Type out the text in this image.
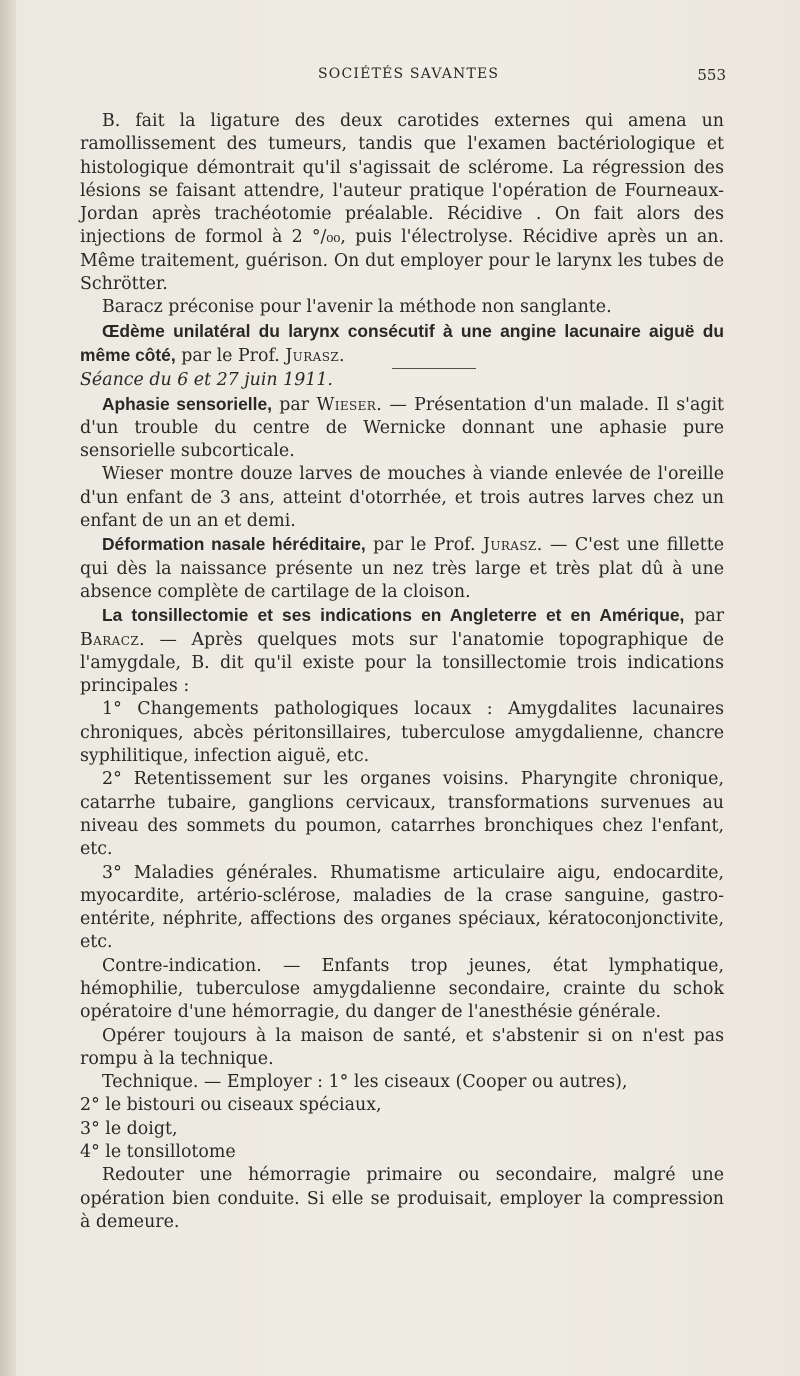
SOCIÉTÉS SAVANTES	553

B. fait la ligature des deux carotides externes qui amena un ramollissement des tumeurs, tandis que l'examen bactériologique et histologique démontrait qu'il s'agissait de sclérome. La régression des lésions se faisant attendre, l'auteur pratique l'opération de Fourneaux-Jordan après trachéotomie préalable. Récidive . On fait alors des injections de formol à 2 °/₀₀, puis l'électrolyse. Récidive après un an. Même traitement, guérison. On dut employer pour le larynx les tubes de Schrötter.

Baracz préconise pour l'avenir la méthode non sanglante.

Œdème unilatéral du larynx consécutif à une angine lacunaire aiguë du même côté, par le Prof. Jurasz.

Séance du 6 et 27 juin 1911.

Aphasie sensorielle, par Wieser. — Présentation d'un malade. Il s'agit d'un trouble du centre de Wernicke donnant une aphasie pure sensorielle subcorticale.

Wieser montre douze larves de mouches à viande enlevée de l'oreille d'un enfant de 3 ans, atteint d'otorrhée, et trois autres larves chez un enfant de un an et demi.

Déformation nasale héréditaire, par le Prof. Jurasz. — C'est une fillette qui dès la naissance présente un nez très large et très plat dû à une absence complète de cartilage de la cloison.

La tonsillectomie et ses indications en Angleterre et en Amérique, par Baracz. — Après quelques mots sur l'anatomie topographique de l'amygdale, B. dit qu'il existe pour la tonsillectomie trois indications principales :

1° Changements pathologiques locaux : Amygdalites lacunaires chroniques, abcès péritonsillaires, tuberculose amygdalienne, chancre syphilitique, infection aiguë, etc.

2° Retentissement sur les organes voisins. Pharyngite chronique, catarrhe tubaire, ganglions cervicaux, transformations survenues au niveau des sommets du poumon, catarrhes bronchiques chez l'enfant, etc.

3° Maladies générales. Rhumatisme articulaire aigu, endocardite, myocardite, artério-sclérose, maladies de la crase sanguine, gastro-entérite, néphrite, affections des organes spéciaux, kératoconjonctivite, etc.

Contre-indication. — Enfants trop jeunes, état lymphatique, hémophilie, tuberculose amygdalienne secondaire, crainte du schok opératoire d'une hémorragie, du danger de l'anesthésie générale.

Opérer toujours à la maison de santé, et s'abstenir si on n'est pas rompu à la technique.

Technique. — Employer : 1° les ciseaux (Cooper ou autres),

2° le bistouri ou ciseaux spéciaux,

3° le doigt,

4° le tonsillotome

Redouter une hémorragie primaire ou secondaire, malgré une opération bien conduite. Si elle se produisait, employer la compression à demeure.
